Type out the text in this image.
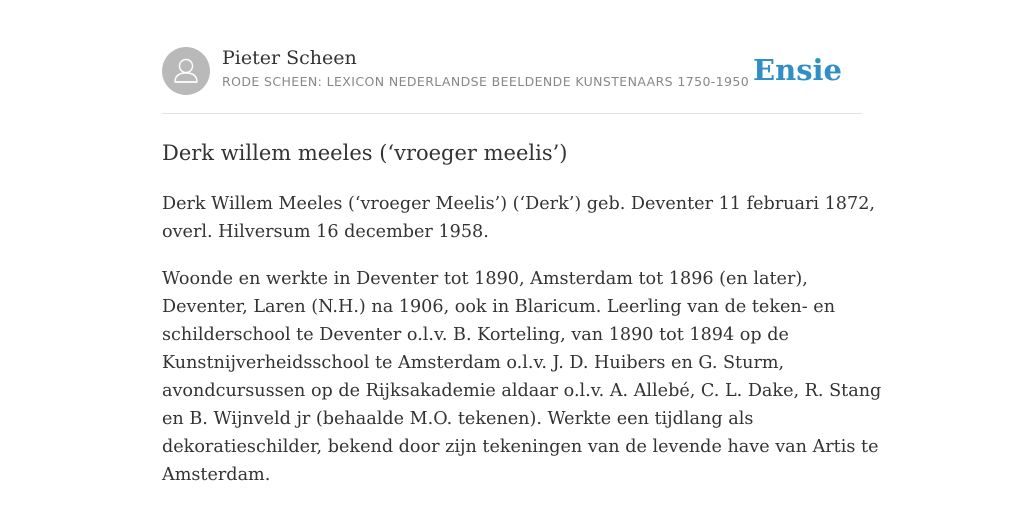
Pieter Scheen
RODE SCHEEN: LEXICON NEDERLANDSE BEELDENDE KUNSTENAARS 1750-1950 Ensie
Derk willem meeles (‘vroeger meelis’)

Derk Willem Meeles (‘vroeger Meelis’) (‘Derk’) geb. Deventer 11 februari 1872,
overl. Hilversum 16 december 1958.

Woonde en werkte in Deventer tot 1890, Amsterdam tot 1896 (en later),
Deventer, Laren (N.H.) na 1906, ook in Blaricum. Leerling van de teken- en
schilderschool te Deventer o.l.v. B. Korteling, van 1890 tot 1894 op de
Kunstnijverheidsschool te Amsterdam o.l.v. J. D. Huibers en G. Sturm,
avondcursussen op de Rijksakademie aldaar o.l.v. A. Allebé, C. L. Dake, R. Stang
en B. Wijnveld jr (behaalde M.O. tekenen). Werkte een tijdlang als
dekoratieschilder, bekend door zijn tekeningen van de levende have van Artis te
Amsterdam.
